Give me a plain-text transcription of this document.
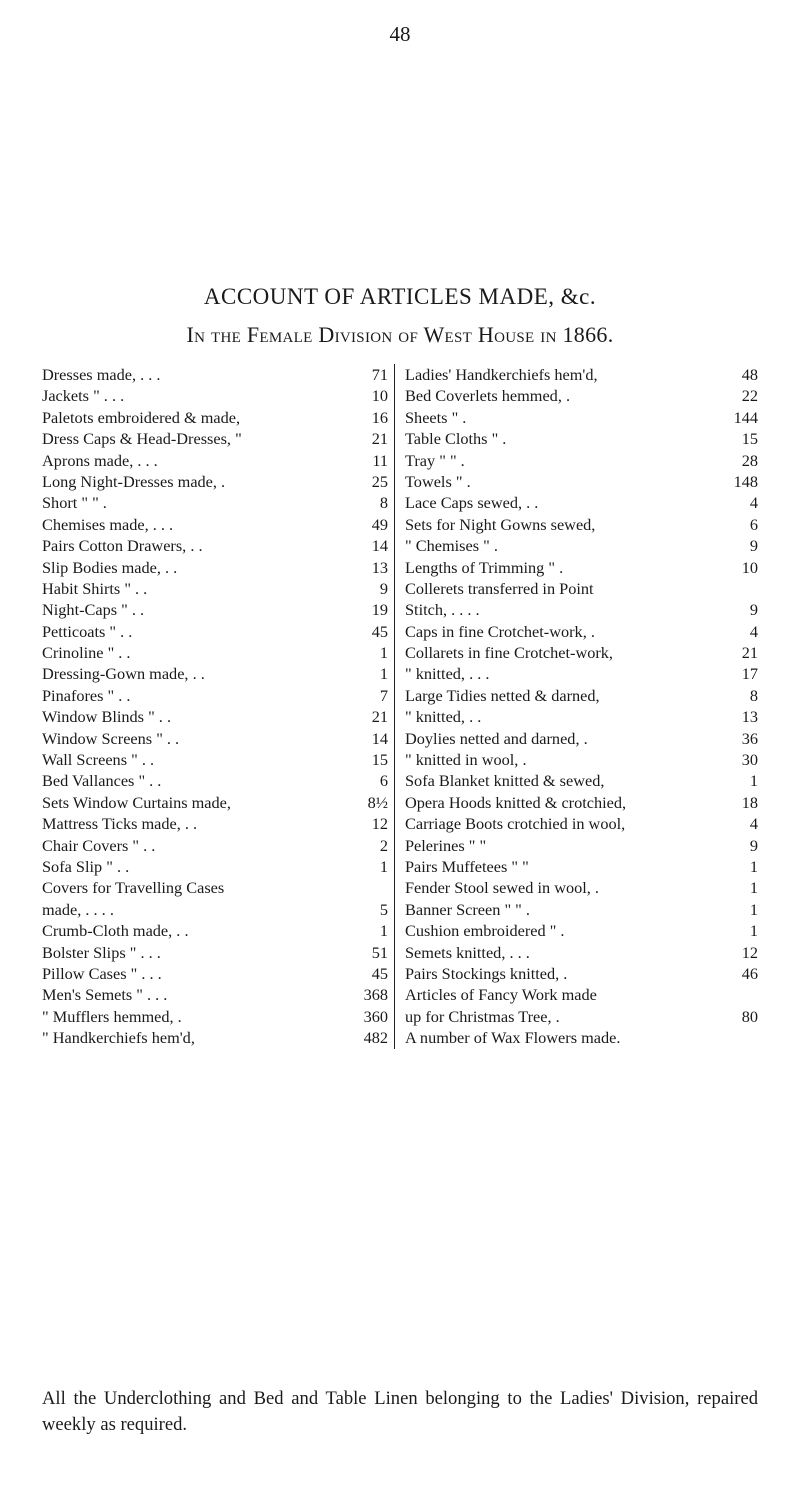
48
ACCOUNT OF ARTICLES MADE, &c.
In the Female Division of West House in 1866.
Dresses made, . . .	71
Jackets " . . .	10
Paletots embroidered & made,	16
Dress Caps & Head-Dresses, "	21
Aprons made, . . .	11
Long Night-Dresses made, .	25
Short " " .	8
Chemises made, . . .	49
Pairs Cotton Drawers, . .	14
Slip Bodies made, . .	13
Habit Shirts " . .	9
Night-Caps " . .	19
Petticoats " . .	45
Crinoline " . .	1
Dressing-Gown made, . .	1
Pinafores " . .	7
Window Blinds " . .	21
Window Screens " . .	14
Wall Screens " . .	15
Bed Vallances " . .	6
Sets Window Curtains made,	8½
Mattress Ticks made, . .	12
Chair Covers " . .	2
Sofa Slip " . .	1
Covers for Travelling Cases
made, . . . .	5
Crumb-Cloth made, . .	1
Bolster Slips " . . .	51
Pillow Cases " . . .	45
Men's Semets " . . .	368
" Mufflers hemmed, .	360
" Handkerchiefs hem'd,	482
Ladies' Handkerchiefs hem'd,	48
Bed Coverlets hemmed, .	22
Sheets " .	144
Table Cloths " .	15
Tray " " .	28
Towels " .	148
Lace Caps sewed, . .	4
Sets for Night Gowns sewed,	6
" Chemises " .	9
Lengths of Trimming " .	10
Collerets transferred in Point
Stitch, . . . .	9
Caps in fine Crotchet-work, .	4
Collarets in fine Crotchet-work,	21
" knitted, . . .	17
Large Tidies netted & darned,	8
" knitted, . .	13
Doylies netted and darned, .	36
" knitted in wool, .	30
Sofa Blanket knitted & sewed,	1
Opera Hoods knitted & crotchied,	18
Carriage Boots crotchied in wool,	4
Pelerines " "	9
Pairs Muffetees " "	1
Fender Stool sewed in wool, .	1
Banner Screen " " .	1
Cushion embroidered " .	1
Semets knitted, . . .	12
Pairs Stockings knitted, .	46
Articles of Fancy Work made
up for Christmas Tree, .	80
A number of Wax Flowers made.
All the Underclothing and Bed and Table Linen belonging to the Ladies' Division, repaired weekly as required.
